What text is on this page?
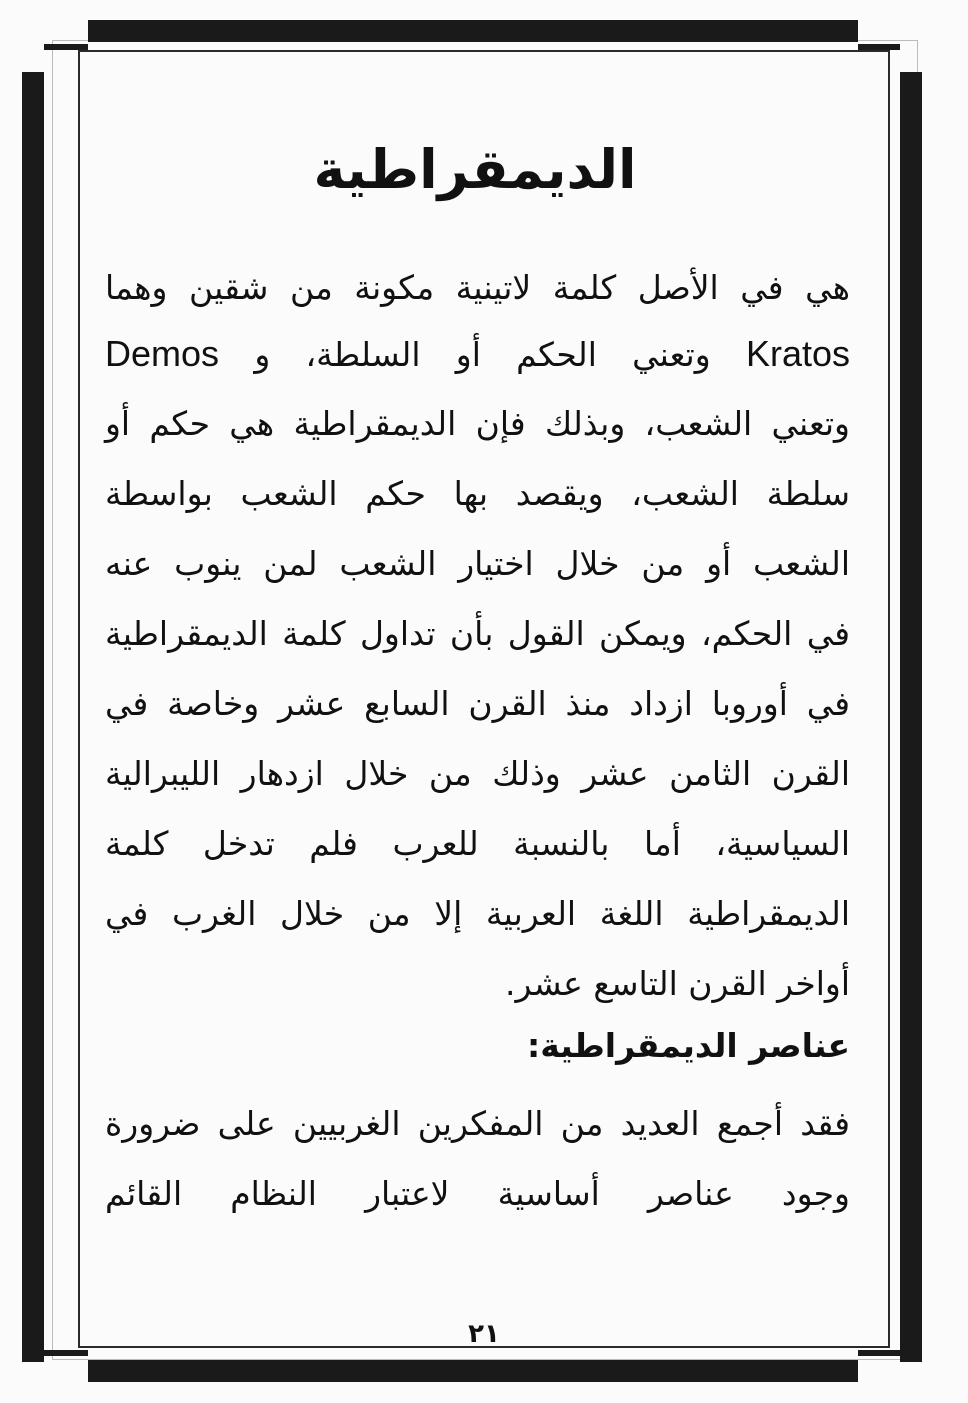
الديمقراطية
هي في الأصل كلمة لاتينية مكونة من شقين وهما
Kratos وتعني الحكم أو السلطة، و Demos
وتعني الشعب، وبذلك فإن الديمقراطية هي حكم أو
سلطة الشعب، ويقصد بها حكم الشعب بواسطة
الشعب أو من خلال اختيار الشعب لمن ينوب عنه
في الحكم، ويمكن القول بأن تداول كلمة الديمقراطية
في أوروبا ازداد منذ القرن السابع عشر وخاصة في
القرن الثامن عشر وذلك من خلال ازدهار الليبرالية
السياسية، أما بالنسبة للعرب فلم تدخل كلمة
الديمقراطية اللغة العربية إلا من خلال الغرب في
أواخر القرن التاسع عشر.
عناصر الديمقراطية:
فقد أجمع العديد من المفكرين الغربيين على ضرورة
وجود عناصر أساسية لاعتبار النظام القائم
٢١
